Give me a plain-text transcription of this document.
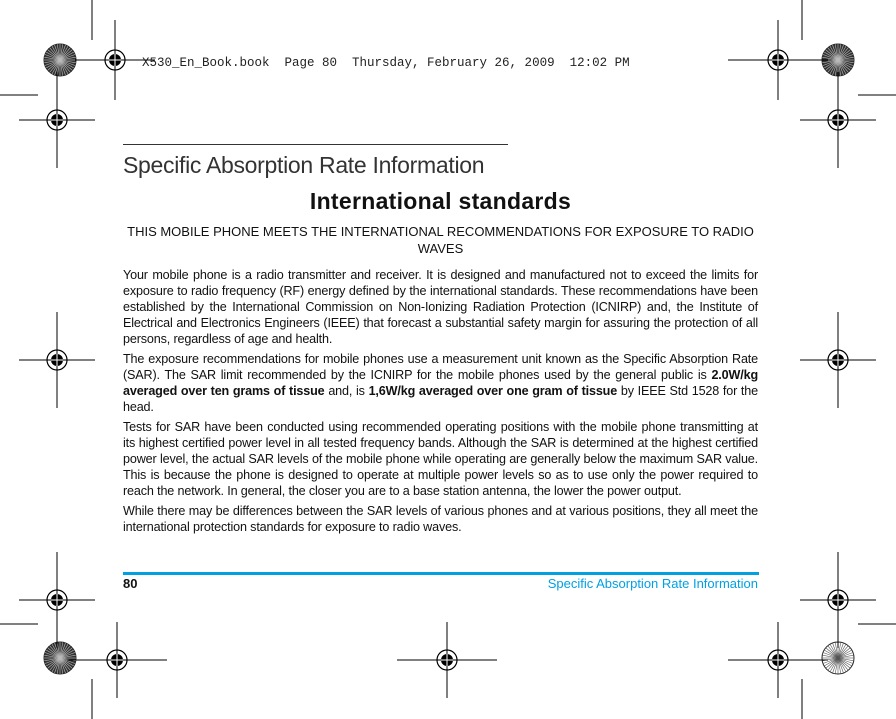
X530_En_Book.book  Page 80  Thursday, February 26, 2009  12:02 PM
Specific Absorption Rate Information
International standards
THIS MOBILE PHONE MEETS THE INTERNATIONAL RECOMMENDATIONS FOR EXPOSURE TO RADIO WAVES

Your mobile phone is a radio transmitter and receiver. It is designed and manufactured not to exceed the limits for exposure to radio frequency (RF) energy defined by the international standards. These recommendations have been established by the International Commission on Non-Ionizing Radiation Protection (ICNIRP) and, the Institute of Electrical and Electronics Engineers (IEEE) that forecast a substantial safety margin for assuring the protection of all persons, regardless of age and health.

The exposure recommendations for mobile phones use a measurement unit known as the Specific Absorption Rate (SAR). The SAR limit recommended by the ICNIRP for the mobile phones used by the general public is 2.0W/kg averaged over ten grams of tissue and, is 1,6W/kg averaged over one gram of tissue by IEEE Std 1528 for the head.

Tests for SAR have been conducted using recommended operating positions with the mobile phone transmitting at its highest certified power level in all tested frequency bands. Although the SAR is determined at the highest certified power level, the actual SAR levels of the mobile phone while operating are generally below the maximum SAR value. This is because the phone is designed to operate at multiple power levels so as to use only the power required to reach the network. In general, the closer you are to a base station antenna, the lower the power output.

While there may be differences between the SAR levels of various phones and at various positions, they all meet the international protection standards for exposure to radio waves.

80	Specific Absorption Rate Information
